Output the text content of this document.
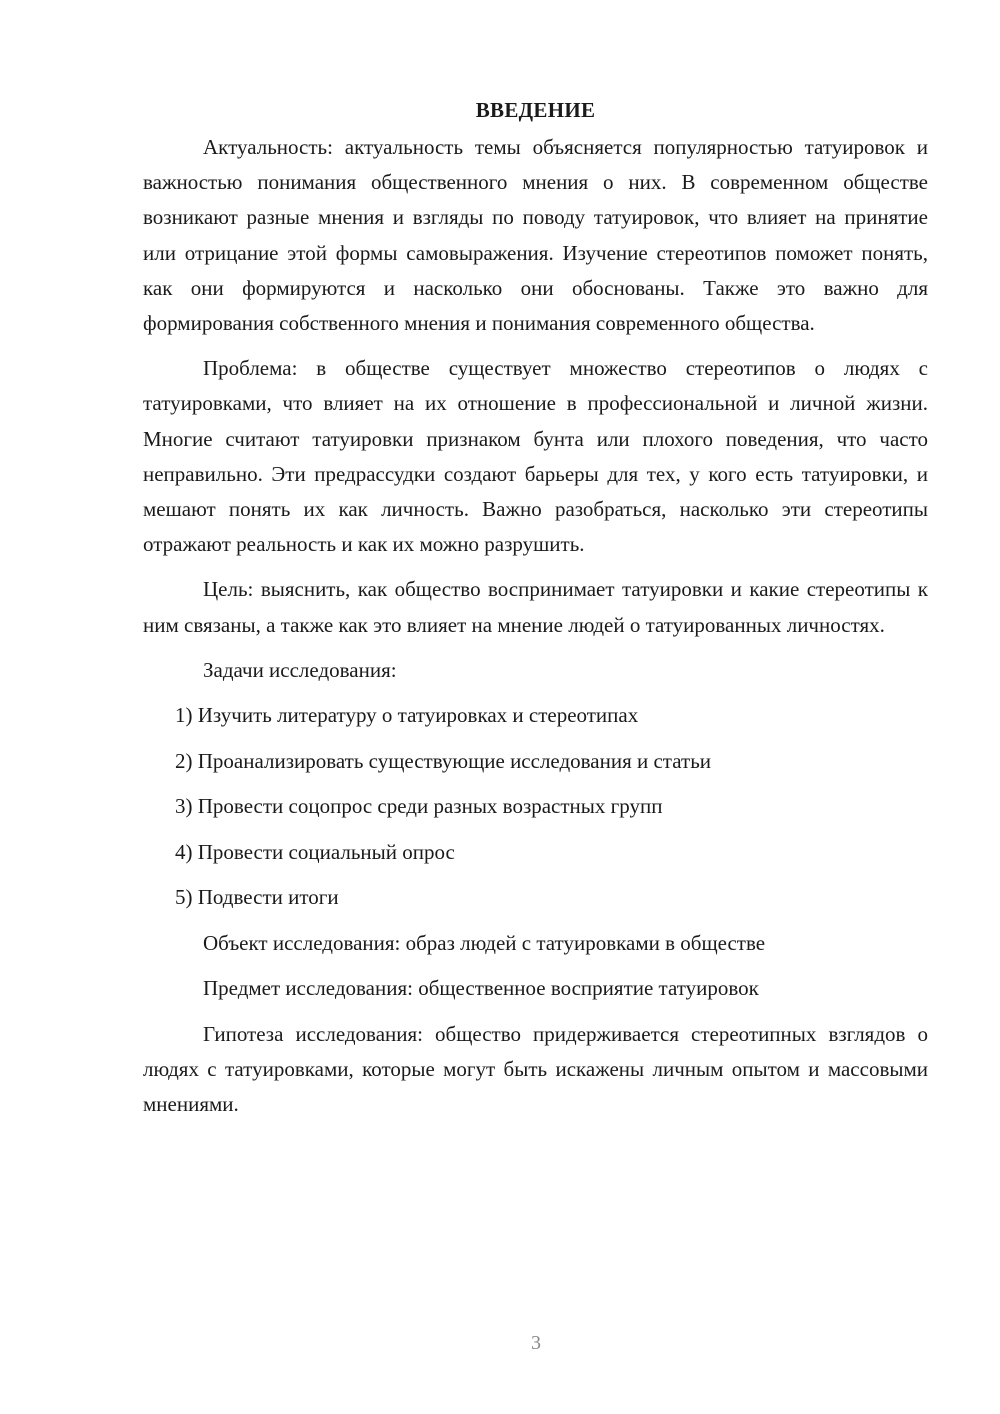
ВВЕДЕНИЕ

Актуальность: актуальность темы объясняется популярностью татуировок и важностью понимания общественного мнения о них. В современном обществе возникают разные мнения и взгляды по поводу татуировок, что влияет на принятие или отрицание этой формы самовыражения. Изучение стереотипов поможет понять, как они формируются и насколько они обоснованы. Также это важно для формирования собственного мнения и понимания современного общества.

Проблема: в обществе существует множество стереотипов о людях с татуировками, что влияет на их отношение в профессиональной и личной жизни. Многие считают татуировки признаком бунта или плохого поведения, что часто неправильно. Эти предрассудки создают барьеры для тех, у кого есть татуировки, и мешают понять их как личность. Важно разобраться, насколько эти стереотипы отражают реальность и как их можно разрушить.

Цель: выяснить, как общество воспринимает татуировки и какие стереотипы к ним связаны, а также как это влияет на мнение людей о татуированных личностях.

Задачи исследования:

1) Изучить литературу о татуировках и стереотипах
2) Проанализировать существующие исследования и статьи
3) Провести соцопрос среди разных возрастных групп
4) Провести социальный опрос
5) Подвести итоги

Объект исследования: образ людей с татуировками в обществе

Предмет исследования: общественное восприятие татуировок

Гипотеза исследования: общество придерживается стереотипных взглядов о людях с татуировками, которые могут быть искажены личным опытом и массовыми мнениями.

3
